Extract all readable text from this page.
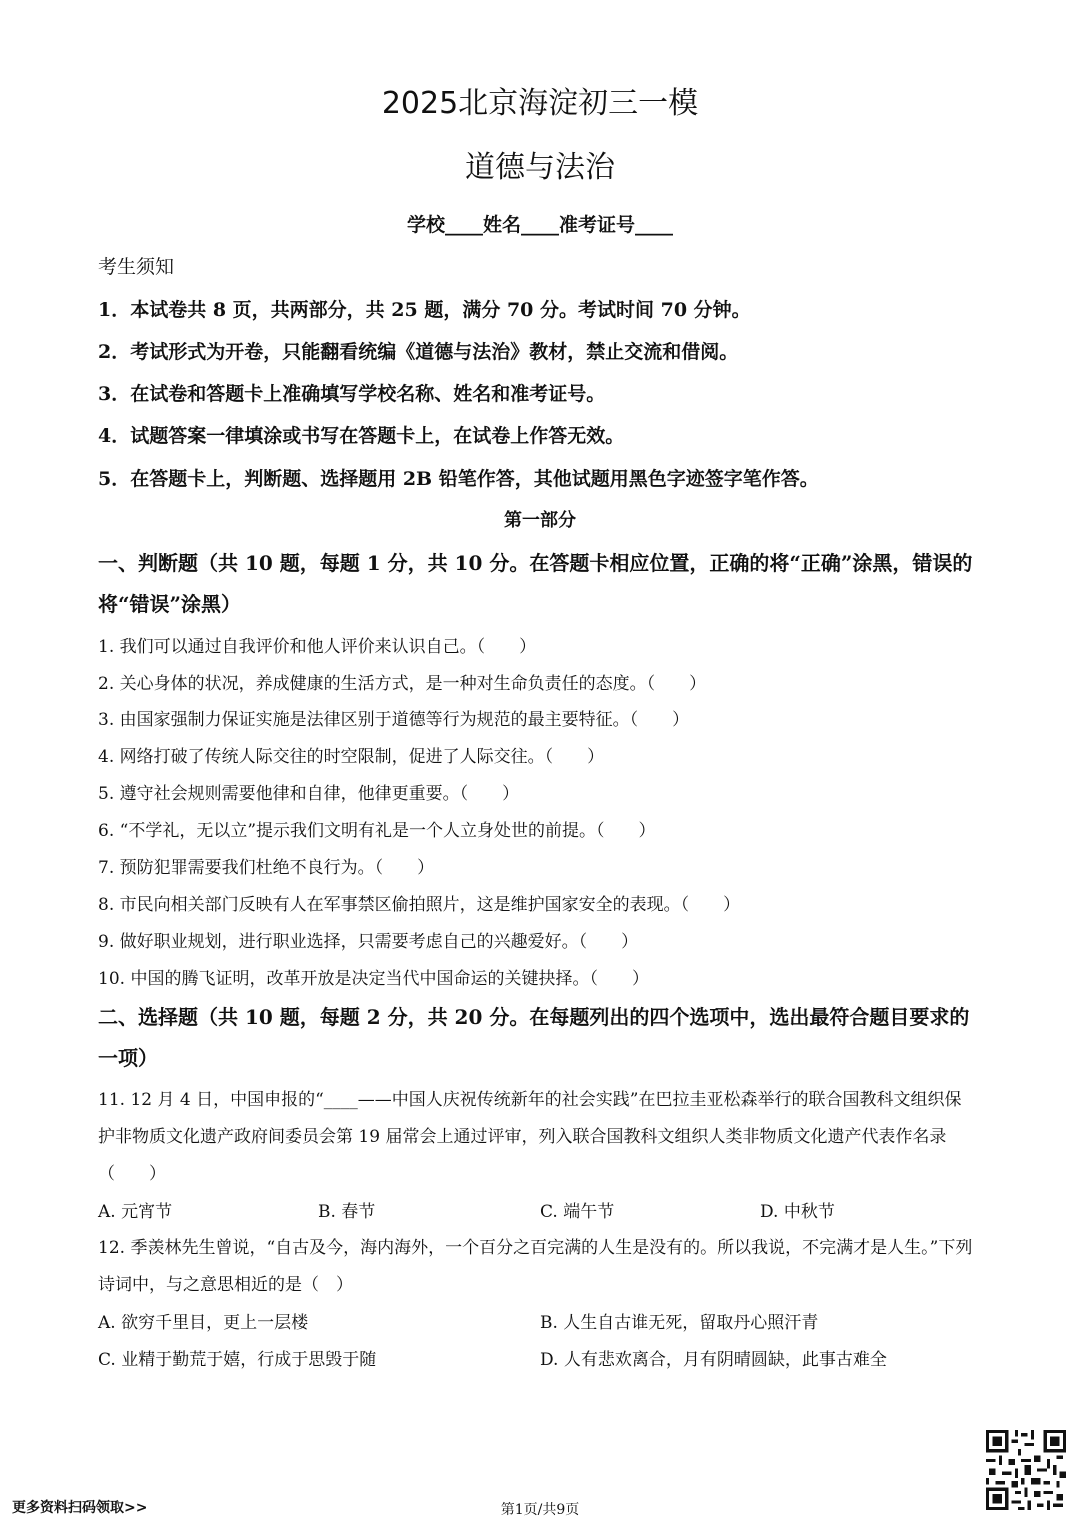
2025北京海淀初三一模
道德与法治
学校____姓名____准考证号____
考生须知
1．本试卷共 8 页，共两部分，共 25 题，满分 70 分。考试时间 70 分钟。
2．考试形式为开卷，只能翻看统编《道德与法治》教材，禁止交流和借阅。
3．在试卷和答题卡上准确填写学校名称、姓名和准考证号。
4．试题答案一律填涂或书写在答题卡上，在试卷上作答无效。
5．在答题卡上，判断题、选择题用 2B 铅笔作答，其他试题用黑色字迹签字笔作答。
第一部分
一、判断题（共 10 题，每题 1 分，共 10 分。在答题卡相应位置，正确的将“正确”涂黑，错误的将“错误”涂黑）
1. 我们可以通过自我评价和他人评价来认识自己。（　　）
2. 关心身体的状况，养成健康的生活方式，是一种对生命负责任的态度。（　　）
3. 由国家强制力保证实施是法律区别于道德等行为规范的最主要特征。（　　）
4. 网络打破了传统人际交往的时空限制，促进了人际交往。（　　）
5. 遵守社会规则需要他律和自律，他律更重要。（　　）
6. “不学礼，无以立”提示我们文明有礼是一个人立身处世的前提。（　　）
7. 预防犯罪需要我们杜绝不良行为。（　　）
8. 市民向相关部门反映有人在军事禁区偷拍照片，这是维护国家安全的表现。（　　）
9. 做好职业规划，进行职业选择，只需要考虑自己的兴趣爱好。（　　）
10. 中国的腾飞证明，改革开放是决定当代中国命运的关键抉择。（　　）
二、选择题（共 10 题，每题 2 分，共 20 分。在每题列出的四个选项中，选出最符合题目要求的一项）
11. 12 月 4 日，中国申报的“____——中国人庆祝传统新年的社会实践”在巴拉圭亚松森举行的联合国教科文组织保护非物质文化遗产政府间委员会第 19 届常会上通过评审，列入联合国教科文组织人类非物质文化遗产代表作名录（　　）
A. 元宵节	B. 春节	C. 端午节	D. 中秋节
12. 季羡林先生曾说，“自古及今，海内海外，一个百分之百完满的人生是没有的。所以我说，不完满才是人生。”下列诗词中，与之意思相近的是（　）
A. 欲穷千里目，更上一层楼	B. 人生自古谁无死，留取丹心照汗青
C. 业精于勤荒于嬉，行成于思毁于随	D. 人有悲欢离合，月有阴晴圆缺，此事古难全
更多资料扫码领取>>	第1页/共9页
